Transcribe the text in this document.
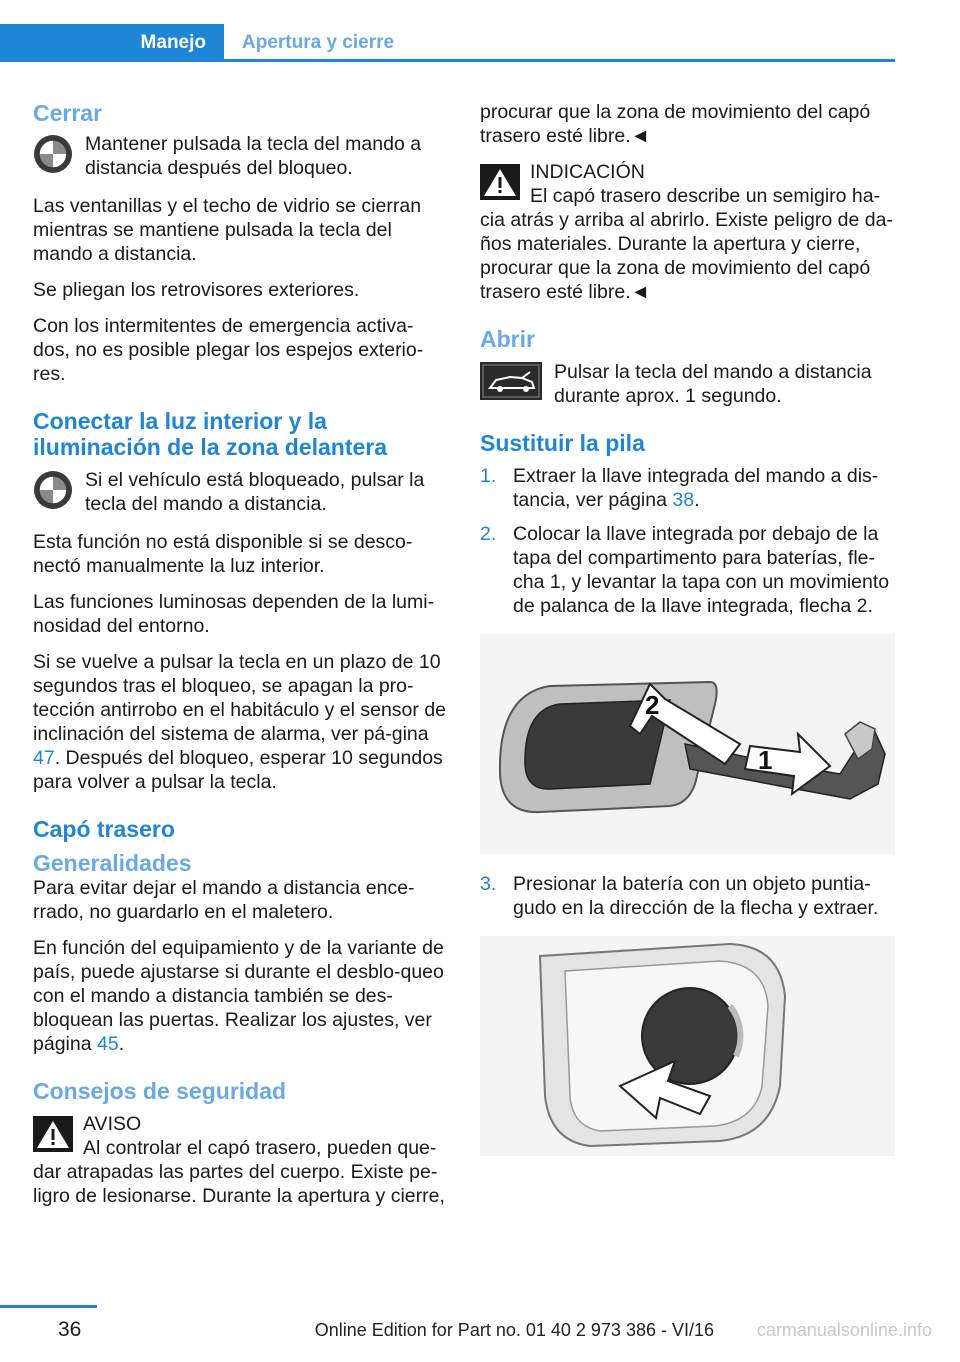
Manejo Apertura y cierre
Cerrar
Mantener pulsada la tecla del mando a distancia después del bloqueo.

Las ventanillas y el techo de vidrio se cierran mientras se mantiene pulsada la tecla del mando a distancia.

Se pliegan los retrovisores exteriores.

Con los intermitentes de emergencia activa‐dos, no es posible plegar los espejos exterio‐res.

Conectar la luz interior y la iluminación de la zona delantera
Si el vehículo está bloqueado, pulsar la tecla del mando a distancia.

Esta función no está disponible si se desco‐nectó manualmente la luz interior.

Las funciones luminosas dependen de la lumi‐nosidad del entorno.

Si se vuelve a pulsar la tecla en un plazo de 10 segundos tras el bloqueo, se apagan la pro‐tección antirrobo en el habitáculo y el sensor de inclinación del sistema de alarma, ver pá‐gina 47. Después del bloqueo, esperar 10 segundos para volver a pulsar la tecla.

Capó trasero
Generalidades

Para evitar dejar el mando a distancia ence‐rrado, no guardarlo en el maletero.

En función del equipamiento y de la variante de país, puede ajustarse si durante el desblo‐queo con el mando a distancia también se des‐bloquean las puertas. Realizar los ajustes, ver página 45.

Consejos de seguridad
AVISO
Al controlar el capó trasero, pueden que‐dar atrapadas las partes del cuerpo. Existe pe‐ligro de lesionarse. Durante la apertura y cierre,

procurar que la zona de movimiento del capó trasero esté libre.◄

INDICACIÓN
El capó trasero describe un semigiro ha‐cia atrás y arriba al abrirlo. Existe peligro de da‐ños materiales. Durante la apertura y cierre, procurar que la zona de movimiento del capó trasero esté libre.◄
Abrir
Pulsar la tecla del mando a distancia durante aprox. 1 segundo.
Sustituir la pila
1. Extraer la llave integrada del mando a dis‐tancia, ver página 38.
2. Colocar la llave integrada por debajo de la tapa del compartimento para baterías, fle‐cha 1, y levantar la tapa con un movimiento de palanca de la llave integrada, flecha 2.
2
1
3. Presionar la batería con un objeto puntia‐gudo en la dirección de la flecha y extraer.
36	Online Edition for Part no. 01 40 2 973 386 - VI/16 carmanualsonline.info
